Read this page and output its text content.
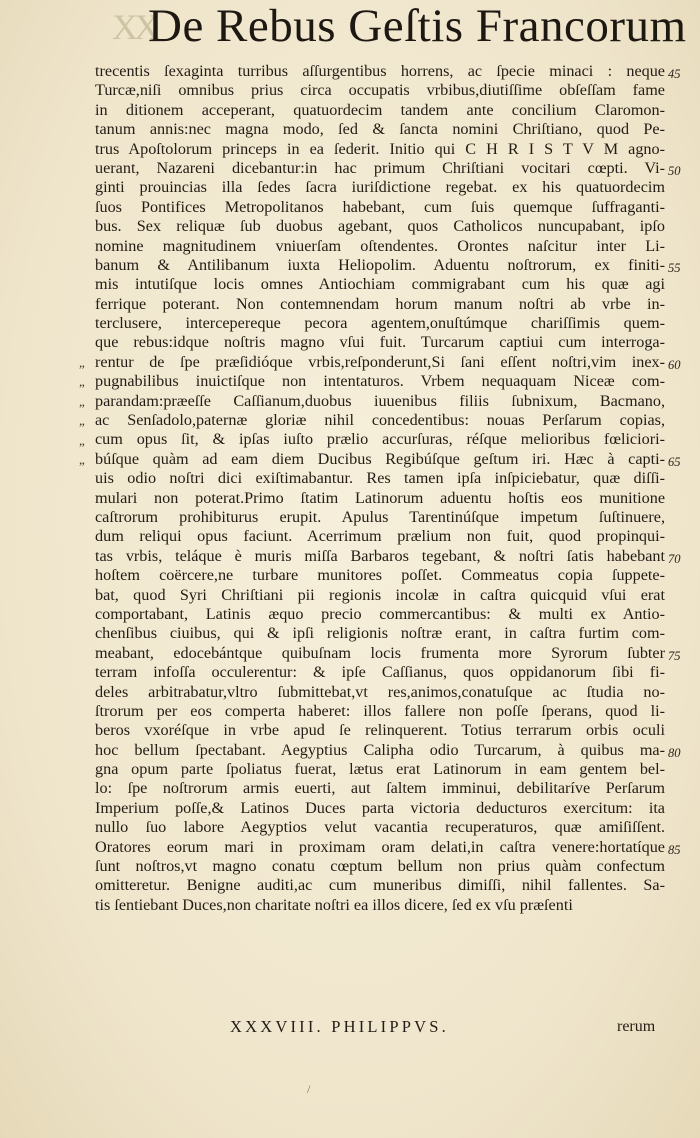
XX
De Rebus Geſtis Francorum
trecentis ſexaginta turribus aſſurgentibus horrens, ac ſpecie minaci : neque
Turcæ,niſi omnibus prius circa occupatis vrbibus,diutiſſime obſeſſam fame
in ditionem acceperant, quatuordecim tandem ante concilium Claromon-
tanum annis:nec magna modo, ſed & ſancta nomini Chriſtiano, quod Pe-
trus Apoſtolorum princeps in ea ſederit. Initio qui C H R I S T V M agno-
uerant, Nazareni dicebantur:in hac primum Chriſtiani vocitari cœpti. Vi-
ginti prouincias illa ſedes ſacra iuriſdictione regebat. ex his quatuordecim
ſuos Pontifices Metropolitanos habebant, cum ſuis quemque ſuffraganti-
bus. Sex reliquæ ſub duobus agebant, quos Catholicos nuncupabant, ipſo
nomine magnitudinem vniuerſam oſtendentes. Orontes naſcitur inter Li-
banum & Antilibanum iuxta Heliopolim. Aduentu noſtrorum, ex finiti-
mis intutiſque locis omnes Antiochiam commigrabant cum his quæ agi
ferrique poterant. Non contemnendam horum manum noſtri ab vrbe in-
terclusere, intercepereque pecora agentem,onuſtúmque chariſſimis quem-
que rebus:idque noſtris magno vſui fuit. Turcarum captiui cum interroga-
rentur de ſpe præſidióque vrbis,reſponderunt,Si ſani eſſent noſtri,vim inex-
pugnabilibus inuictiſque non intentaturos. Vrbem nequaquam Niceæ com-
parandam:præeſſe Caſſianum,duobus iuuenibus filiis ſubnixum, Bacmano,
ac Senſadolo,paternæ gloriæ nihil concedentibus: nouas Perſarum copias,
cum opus ſit, & ipſas iuſto prælio accurſuras, réſque melioribus fœliciori-
búſque quàm ad eam diem Ducibus Regibúſque geſtum iri. Hæc à capti-
uis odio noſtri dici exiſtimabantur. Res tamen ipſa inſpiciebatur, quæ diſſi-
mulari non poterat.Primo ſtatim Latinorum aduentu hoſtis eos munitione
caſtrorum prohibiturus erupit. Apulus Tarentinúſque impetum ſuſtinuere,
dum reliqui opus faciunt. Acerrimum prælium non fuit, quod propinqui-
tas vrbis, teláque è muris miſſa Barbaros tegebant, & noſtri ſatis habebant
hoſtem coërcere,ne turbare munitores poſſet. Commeatus copia ſuppete-
bat, quod Syri Chriſtiani pii regionis incolæ in caſtra quicquid vſui erat
comportabant, Latinis æquo precio commercantibus: & multi ex Antio-
chenſibus ciuibus, qui & ipſi religionis noſtræ erant, in caſtra furtim com-
meabant, edocebántque quibuſnam locis frumenta more Syrorum ſubter
terram infoſſa occulerentur: & ipſe Caſſianus, quos oppidanorum ſibi fi-
deles arbitrabatur,vltro ſubmittebat,vt res,animos,conatuſque ac ſtudia no-
ſtrorum per eos comperta haberet: illos fallere non poſſe ſperans, quod li-
beros vxoréſque in vrbe apud ſe relinquerent. Totius terrarum orbis oculi
hoc bellum ſpectabant. Aegyptius Calipha odio Turcarum, à quibus ma-
gna opum parte ſpoliatus fuerat, lætus erat Latinorum in eam gentem bel-
lo: ſpe noſtrorum armis euerti, aut ſaltem imminui, debilitaríve Perſarum
Imperium poſſe,& Latinos Duces parta victoria deducturos exercitum: ita
nullo ſuo labore Aegyptios velut vacantia recuperaturos, quæ amiſiſſent.
Oratores eorum mari in proximam oram delati,in caſtra venere:hortatíque
ſunt noſtros,vt magno conatu cœptum bellum non prius quàm confectum
omitteretur. Benigne auditi,ac cum muneribus dimiſſi, nihil fallentes. Sa-
tis ſentiebant Duces,non charitate noſtri ea illos dicere, ſed ex vſu præſenti
„
„
„
„
„
„
45
50
55
60
65
70
75
80
85
XXXVIII. PHILIPPVS.	rerum
/
